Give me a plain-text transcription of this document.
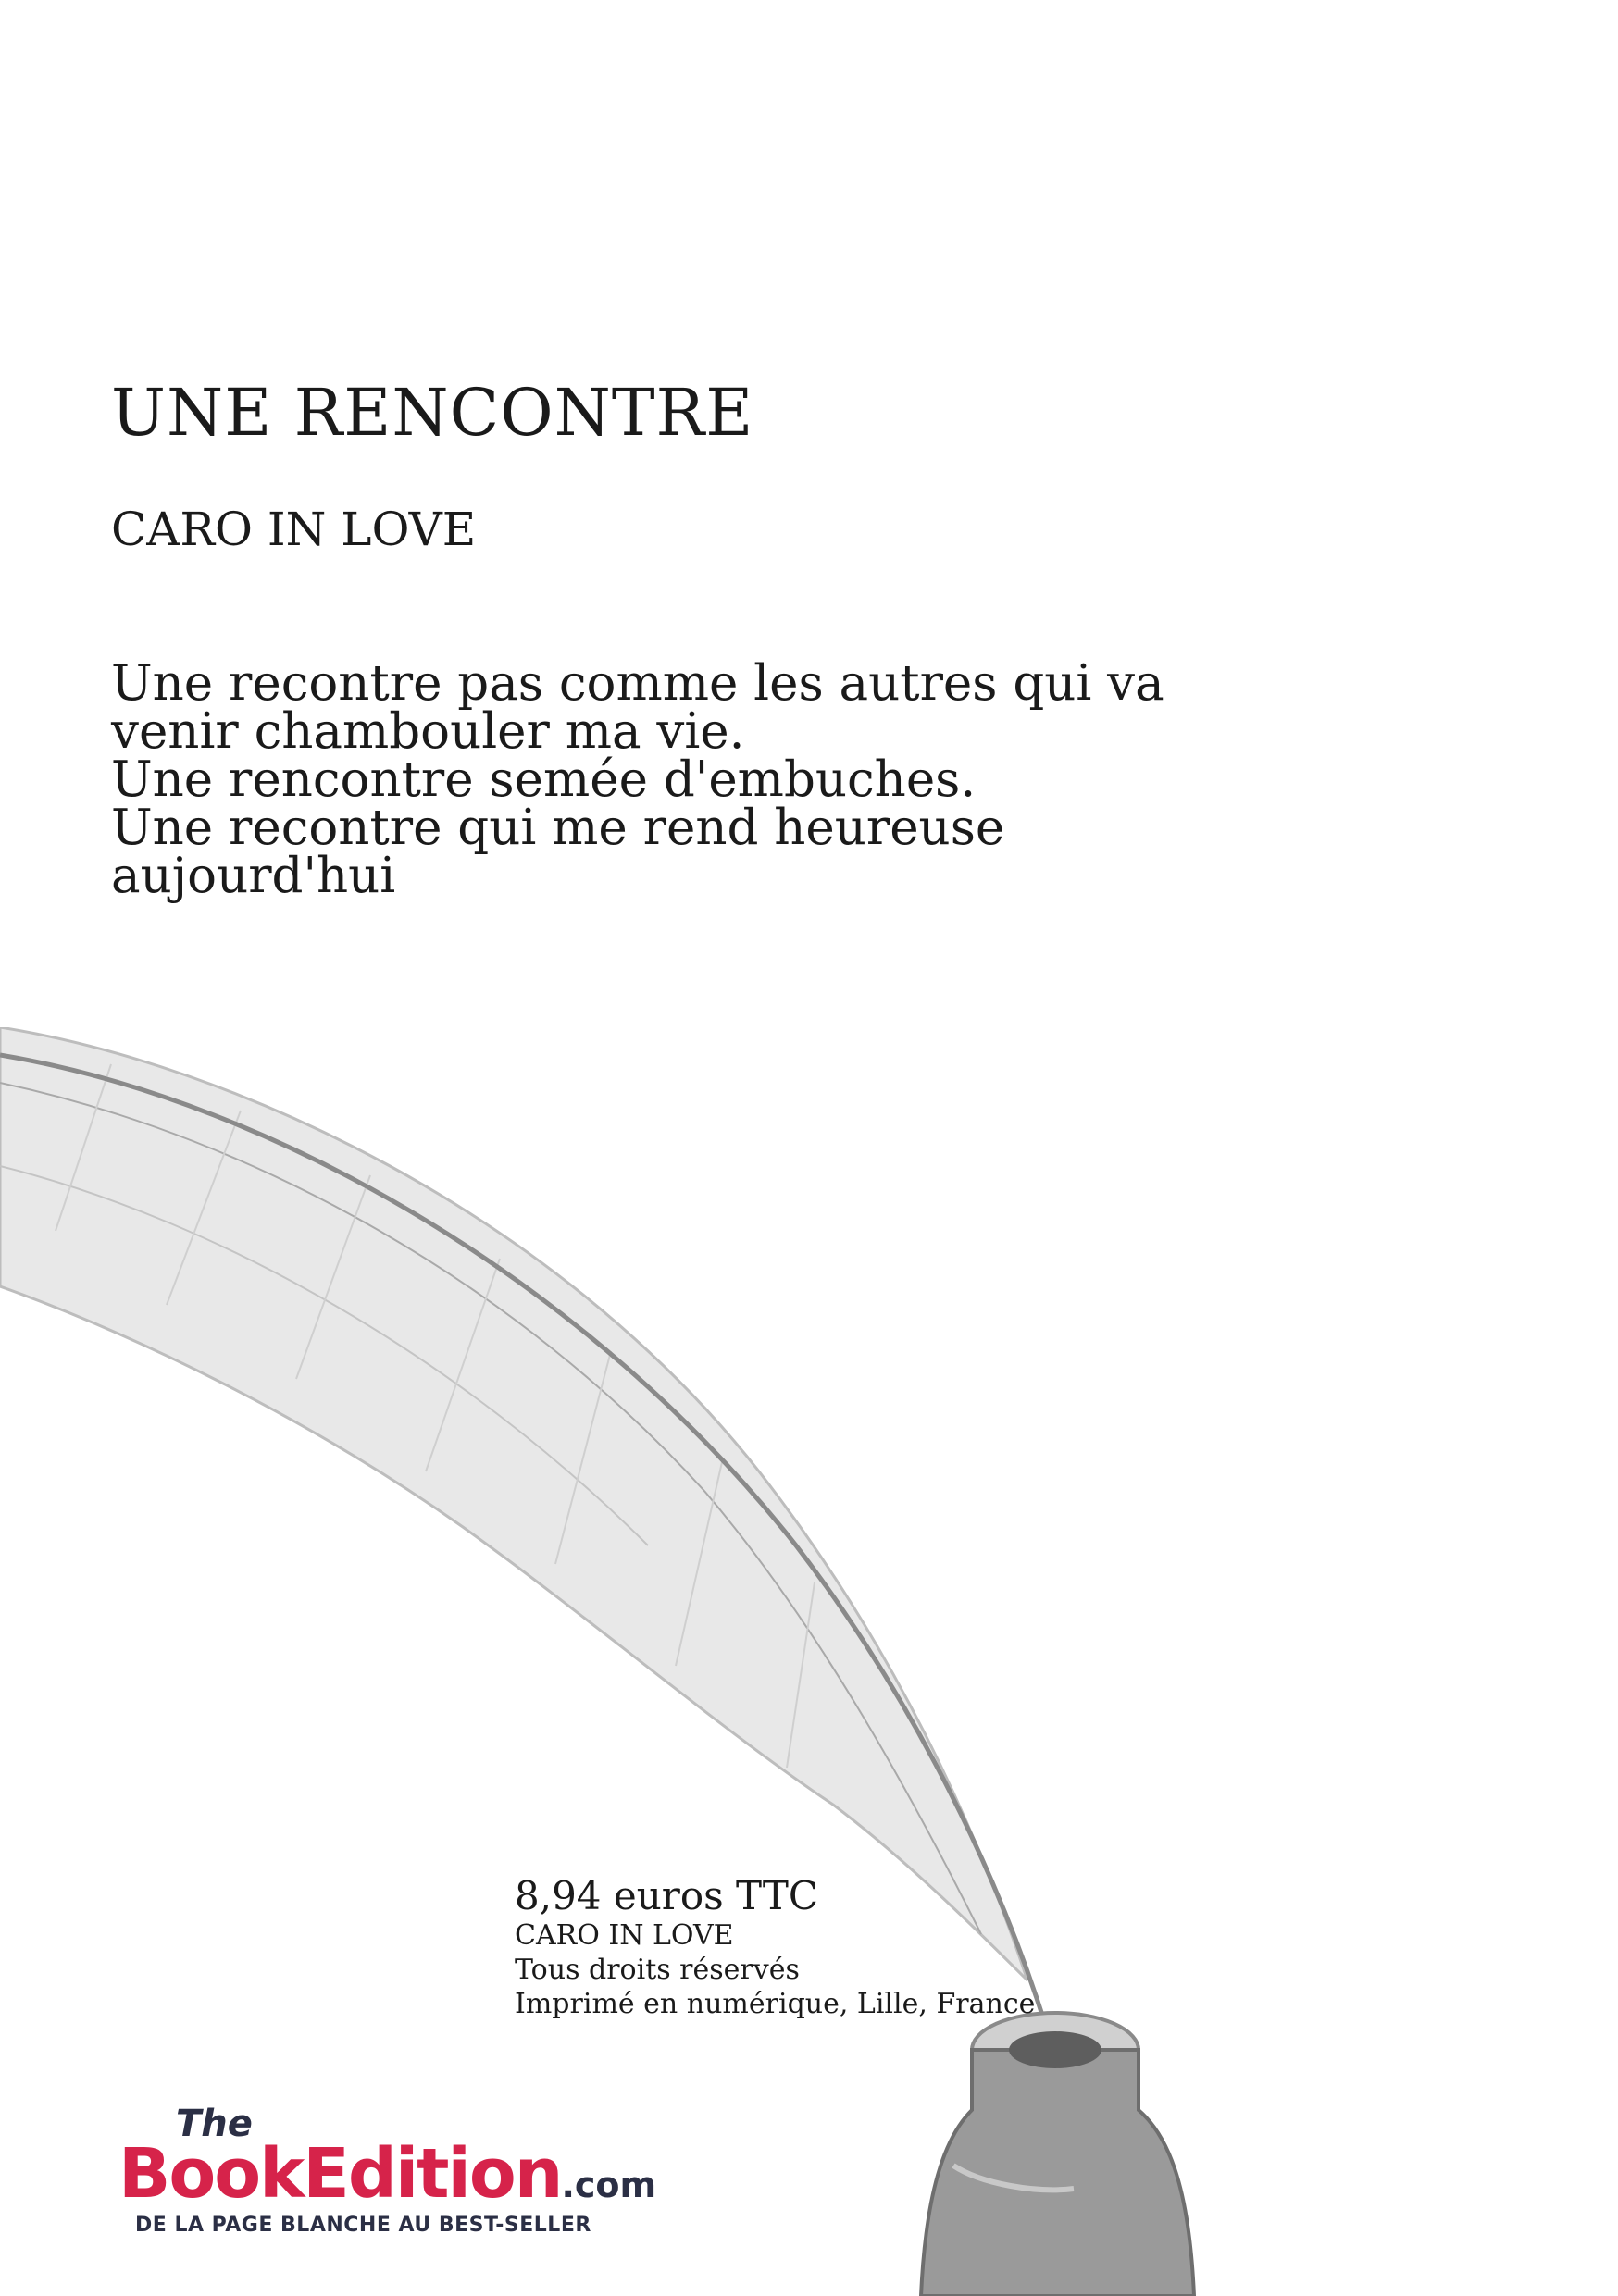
UNE RENCONTRE
CARO IN LOVE

Une recontre pas comme les autres qui va
venir chambouler ma vie.
Une rencontre semée d'embuches.
Une recontre qui me rend heureuse
aujourd'hui

8,94 euros TTC
CARO IN LOVE
Tous droits réservés
Imprimé en numérique, Lille, France
The
BookEdition.com
DE LA PAGE BLANCHE AU BEST-SELLER
